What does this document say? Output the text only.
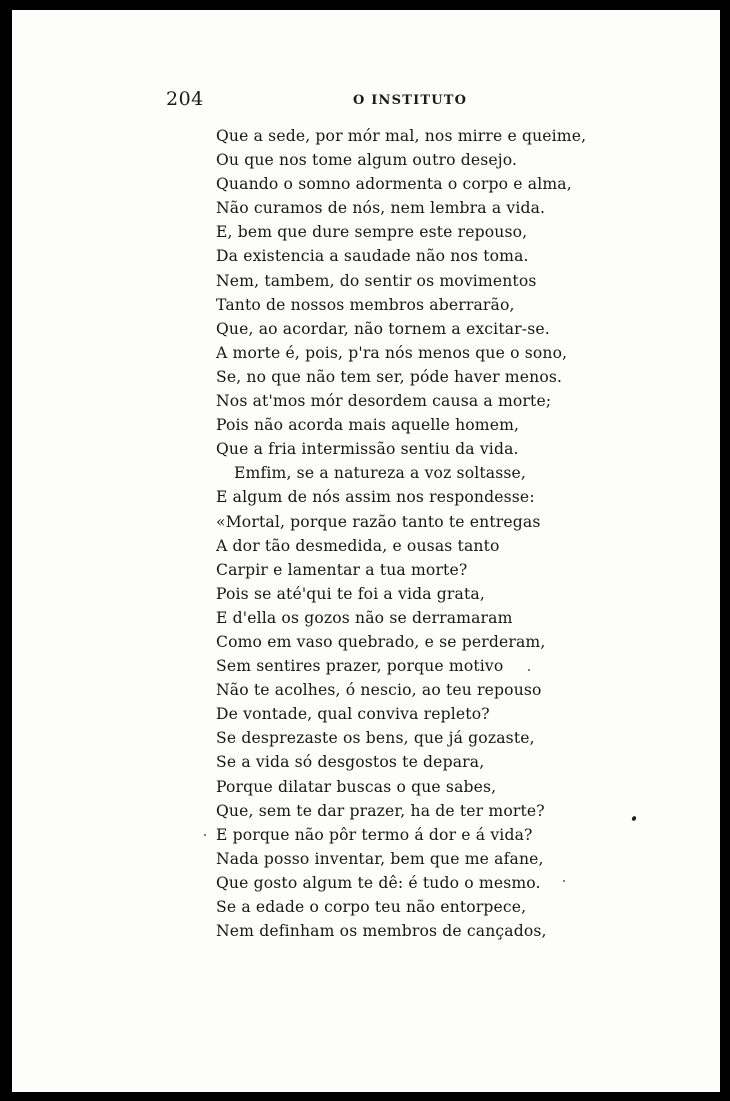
204	O INSTITUTO
Que a sede, por mór mal, nos mirre e queime,
Ou que nos tome algum outro desejo.
Quando o somno adormenta o corpo e alma,
Não curamos de nós, nem lembra a vida.
E, bem que dure sempre este repouso,
Da existencia a saudade não nos toma.
Nem, tambem, do sentir os movimentos
Tanto de nossos membros aberrarão,
Que, ao acordar, não tornem a excitar-se.
A morte é, pois, p'ra nós menos que o sono,
Se, no que não tem ser, póde haver menos.
Nos at'mos mór desordem causa a morte;
Pois não acorda mais aquelle homem,
Que a fria intermissão sentiu da vida.
Emfim, se a natureza a voz soltasse,
E algum de nós assim nos respondesse:
«Mortal, porque razão tanto te entregas
A dor tão desmedida, e ousas tanto
Carpir e lamentar a tua morte?
Pois se até'qui te foi a vida grata,
E d'ella os gozos não se derramaram
Como em vaso quebrado, e se perderam,
Sem sentires prazer, porque motivo
Não te acolhes, ó nescio, ao teu repouso
De vontade, qual conviva repleto?
Se desprezaste os bens, que já gozaste,
Se a vida só desgostos te depara,
Porque dilatar buscas o que sabes,
Que, sem te dar prazer, ha de ter morte?
E porque não pôr termo á dor e á vida?
Nada posso inventar, bem que me afane,
Que gosto algum te dê: é tudo o mesmo.
Se a edade o corpo teu não entorpece,
Nem definham os membros de cançados,
